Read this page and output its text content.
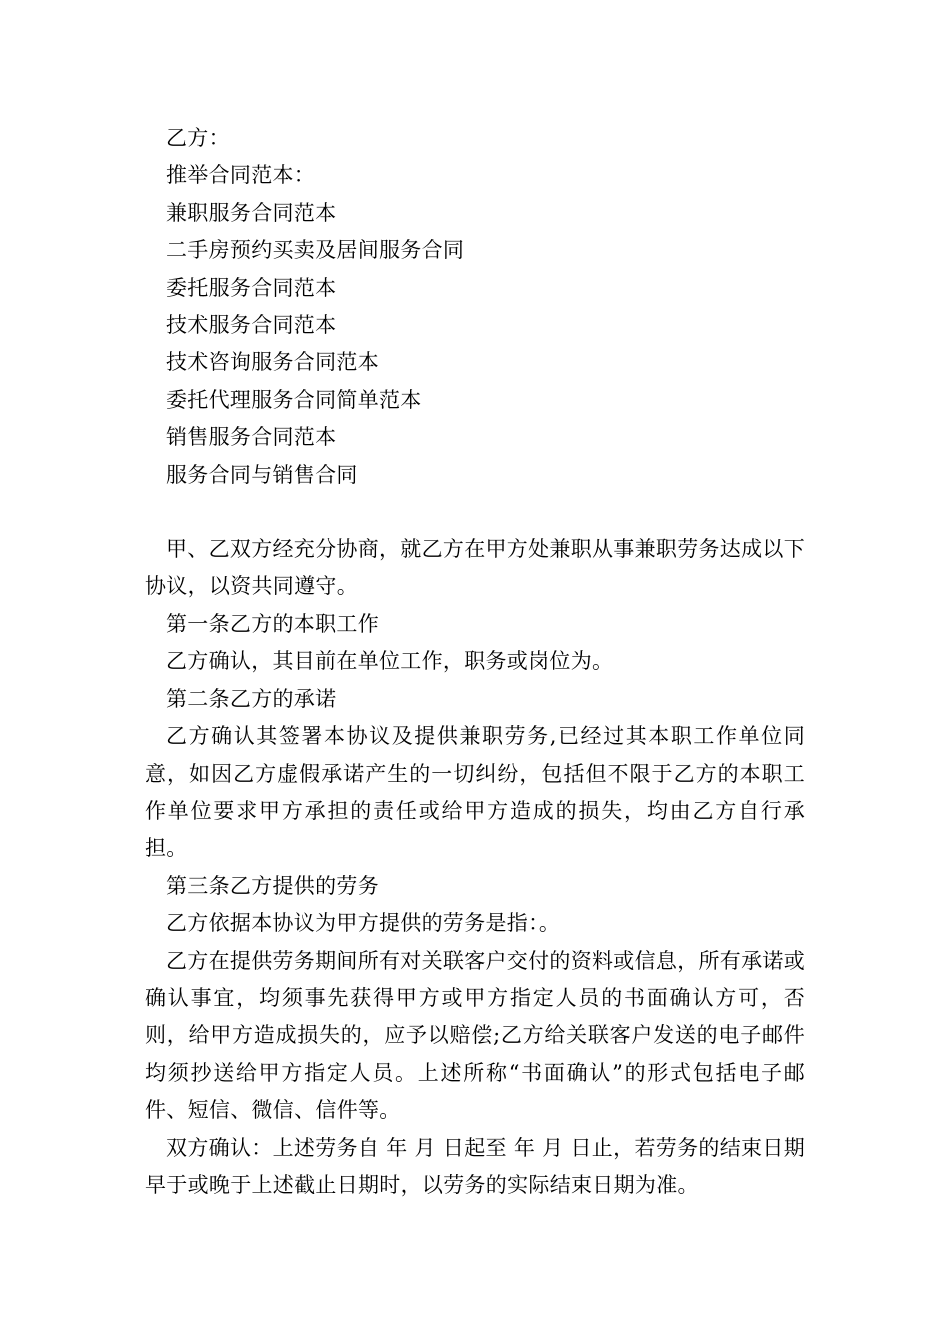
乙方：

推举合同范本：

兼职服务合同范本

二手房预约买卖及居间服务合同

委托服务合同范本

技术服务合同范本

技术咨询服务合同范本

委托代理服务合同简单范本

销售服务合同范本

服务合同与销售合同

甲、乙双方经充分协商，就乙方在甲方处兼职从事兼职劳务达成以下协议，以资共同遵守。

第一条乙方的本职工作

乙方确认，其目前在单位工作，职务或岗位为。

第二条乙方的承诺

乙方确认其签署本协议及提供兼职劳务,已经过其本职工作单位同意，如因乙方虚假承诺产生的一切纠纷，包括但不限于乙方的本职工作单位要求甲方承担的责任或给甲方造成的损失，均由乙方自行承担。

第三条乙方提供的劳务

乙方依据本协议为甲方提供的劳务是指：。

乙方在提供劳务期间所有对关联客户交付的资料或信息，所有承诺或确认事宜，均须事先获得甲方或甲方指定人员的书面确认方可，否则，给甲方造成损失的，应予以赔偿;乙方给关联客户发送的电子邮件均须抄送给甲方指定人员。上述所称“书面确认”的形式包括电子邮件、短信、微信、信件等。

双方确认：上述劳务自 年 月 日起至 年 月 日止，若劳务的结束日期早于或晚于上述截止日期时，以劳务的实际结束日期为准。
